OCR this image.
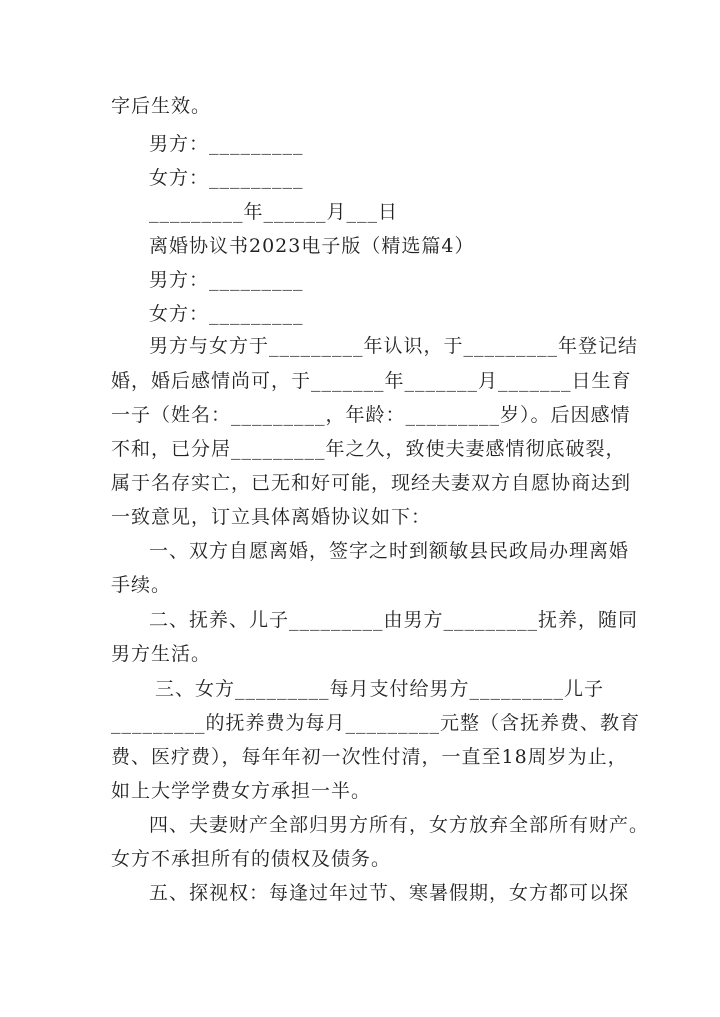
字后生效。
男方：_________
女方：_________
_________年______月___日
离婚协议书2023电子版（精选篇4）
男方：_________
女方：_________
男方与女方于_________年认识，于_________年登记结
婚，婚后感情尚可，于_______年_______月_______日生育
一子（姓名：_________，年龄：_________岁）。后因感情
不和，已分居_________年之久，致使夫妻感情彻底破裂，
属于名存实亡，已无和好可能，现经夫妻双方自愿协商达到
一致意见，订立具体离婚协议如下：
一、双方自愿离婚，签字之时到额敏县民政局办理离婚
手续。
二、抚养、儿子_________由男方_________抚养，随同
男方生活。
三、女方_________每月支付给男方_________儿子
_________的抚养费为每月_________元整（含抚养费、教育
费、医疗费），每年年初一次性付清，一直至18周岁为止，
如上大学学费女方承担一半。
四、夫妻财产全部归男方所有，女方放弃全部所有财产。
女方不承担所有的债权及债务。
五、探视权：每逢过年过节、寒暑假期，女方都可以探
